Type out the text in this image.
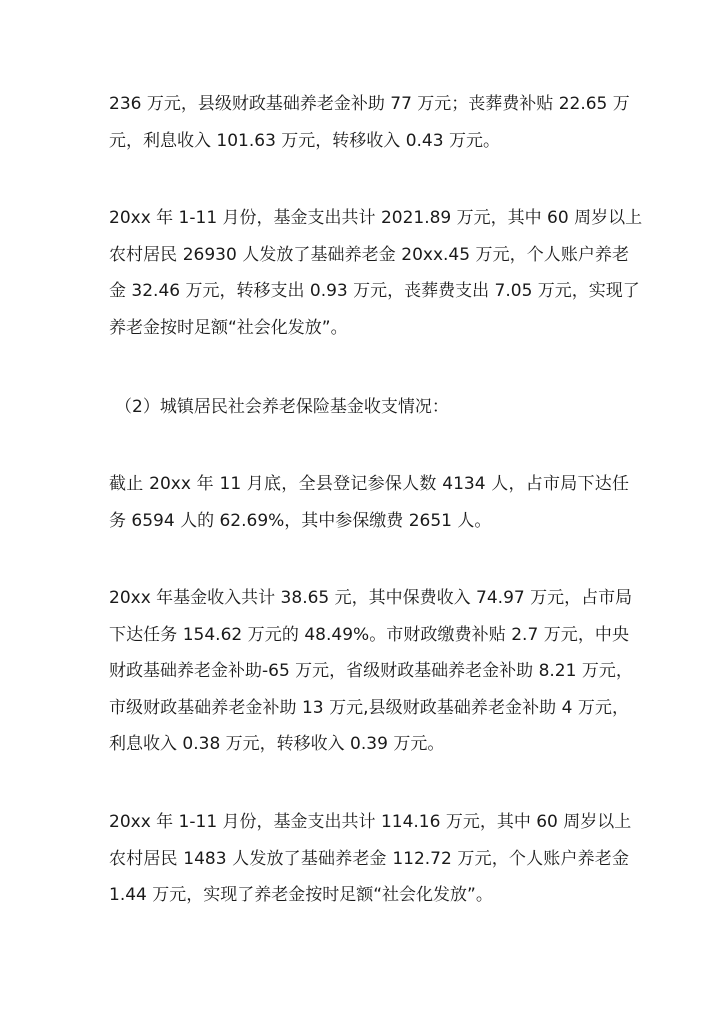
236 万元，县级财政基础养老金补助 77 万元；丧葬费补贴 22.65 万
元，利息收入 101.63 万元，转移收入 0.43 万元。

20xx 年 1-11 月份，基金支出共计 2021.89 万元，其中 60 周岁以上
农村居民 26930 人发放了基础养老金 20xx.45 万元，个人账户养老
金 32.46 万元，转移支出 0.93 万元，丧葬费支出 7.05 万元，实现了
养老金按时足额“社会化发放”。

（2）城镇居民社会养老保险基金收支情况：

截止 20xx 年 11 月底，全县登记参保人数 4134 人，占市局下达任
务 6594 人的 62.69%，其中参保缴费 2651 人。

20xx 年基金收入共计 38.65 元，其中保费收入 74.97 万元，占市局
下达任务 154.62 万元的 48.49%。市财政缴费补贴 2.7 万元，中央
财政基础养老金补助-65 万元，省级财政基础养老金补助 8.21 万元，
市级财政基础养老金补助 13 万元,县级财政基础养老金补助 4 万元，
利息收入 0.38 万元，转移收入 0.39 万元。

20xx 年 1-11 月份，基金支出共计 114.16 万元，其中 60 周岁以上
农村居民 1483 人发放了基础养老金 112.72 万元，个人账户养老金
1.44 万元，实现了养老金按时足额“社会化发放”。
